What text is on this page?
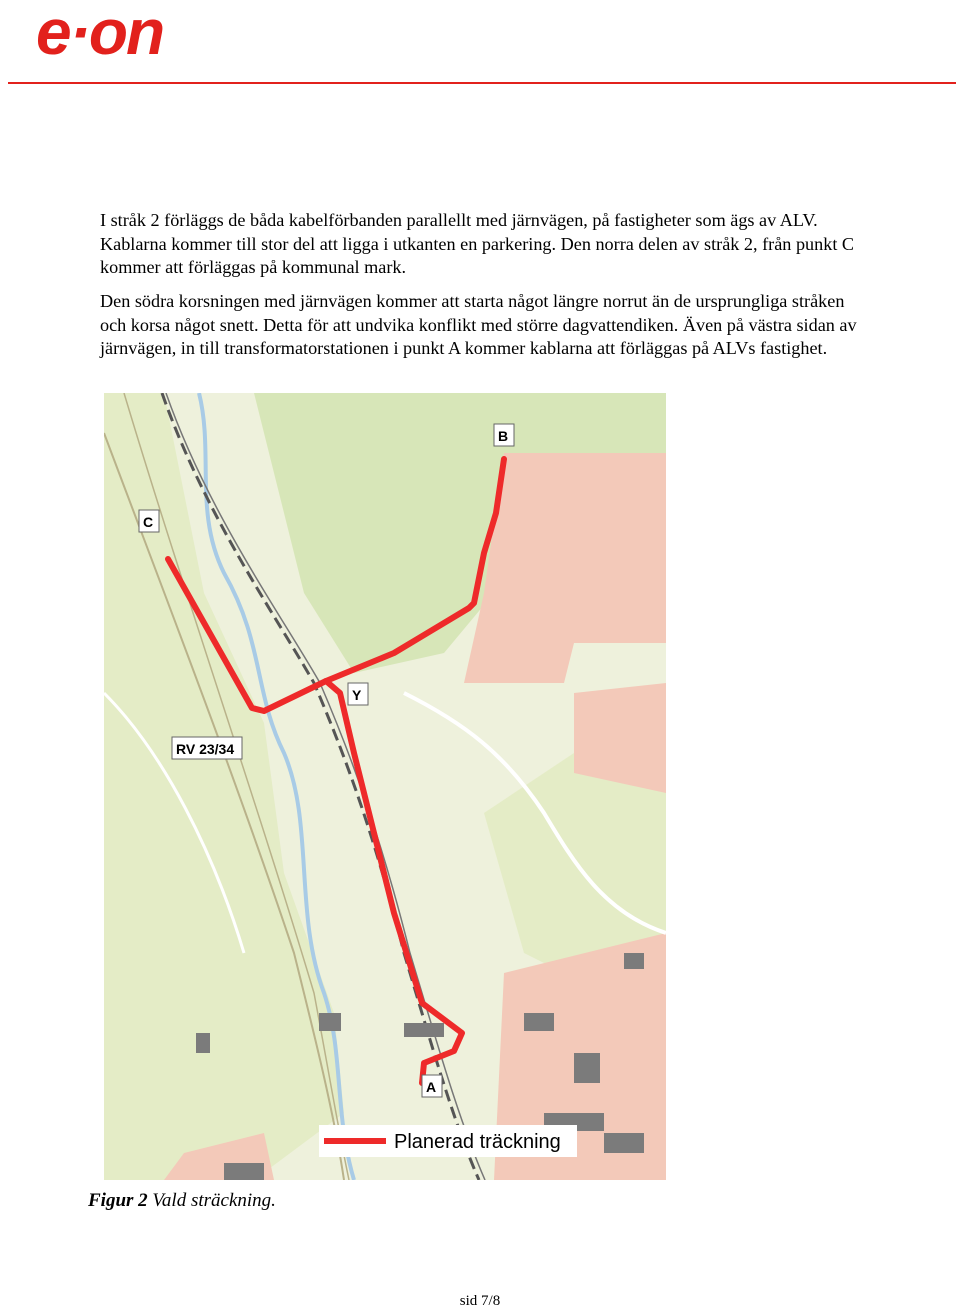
e·on

I stråk 2 förläggs de båda kabelförbanden parallellt med järnvägen, på fastigheter som ägs av ALV. Kablarna kommer till stor del att ligga i utkanten en parkering. Den norra delen av stråk 2, från punkt C kommer att förläggas på kommunal mark.

Den södra korsningen med järnvägen kommer att starta något längre norrut än de ursprungliga stråken och korsa något snett. Detta för att undvika konflikt med större dagvattendiken. Även på västra sidan av järnvägen, in till transformatorstationen i punkt A kommer kablarna att förläggas på ALVs fastighet.

B
C
Y
A
RV 23/34
Planerad träckning

Figur 2 Vald sträckning.

sid 7/8
